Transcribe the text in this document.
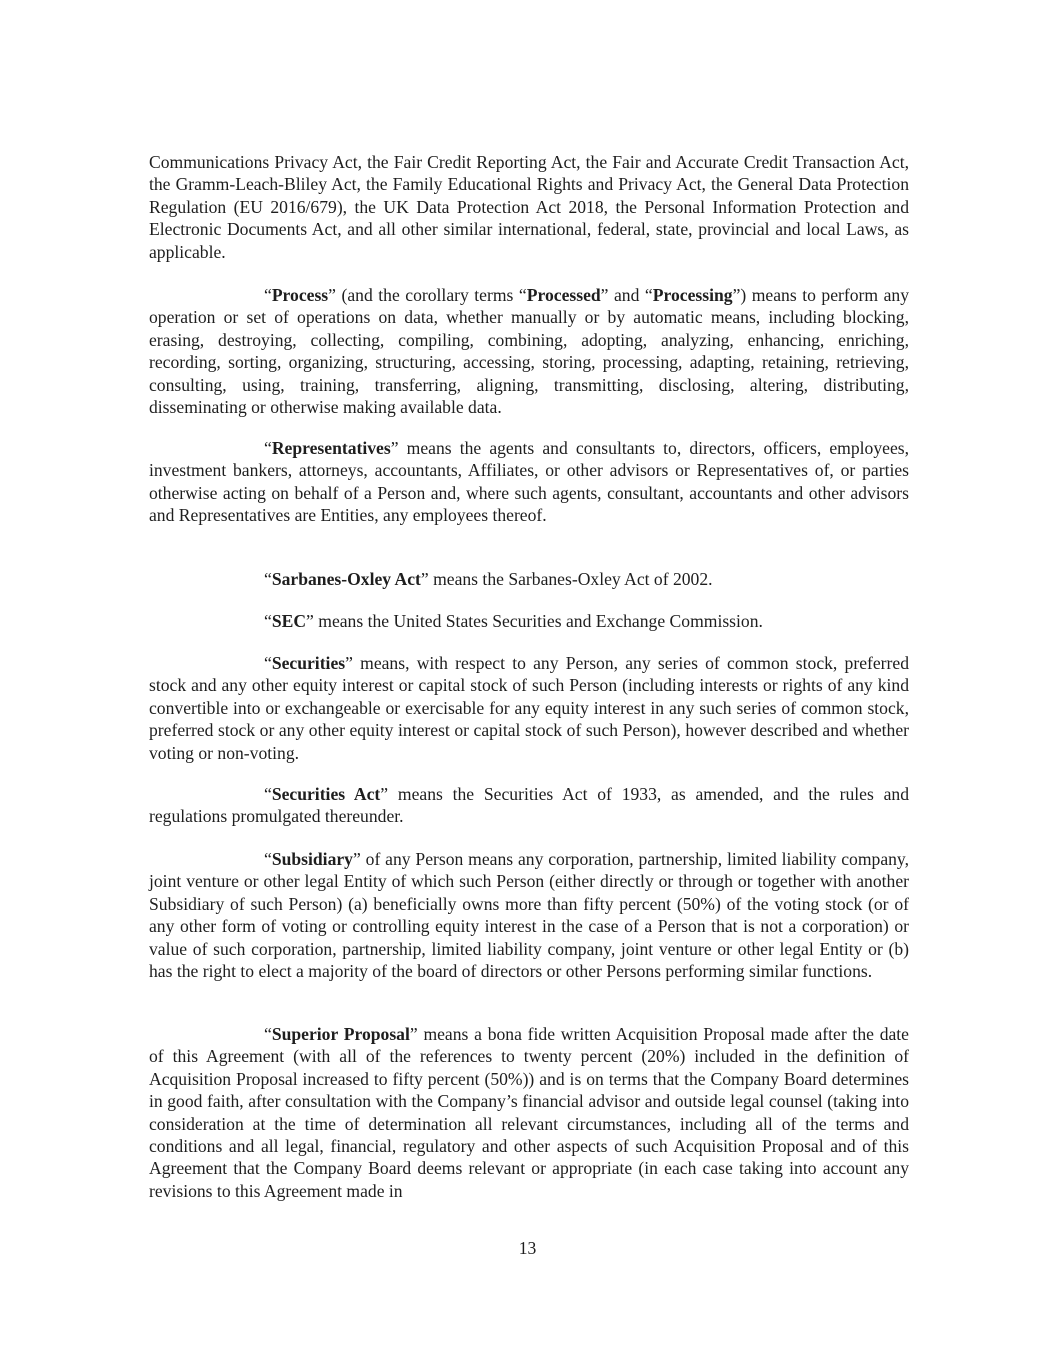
Communications Privacy Act, the Fair Credit Reporting Act, the Fair and Accurate Credit Transaction Act, the Gramm-Leach-Bliley Act, the Family Educational Rights and Privacy Act, the General Data Protection Regulation (EU 2016/679), the UK Data Protection Act 2018, the Personal Information Protection and Electronic Documents Act, and all other similar international, federal, state, provincial and local Laws, as applicable.

“Process” (and the corollary terms “Processed” and “Processing”) means to perform any operation or set of operations on data, whether manually or by automatic means, including blocking, erasing, destroying, collecting, compiling, combining, adopting, analyzing, enhancing, enriching, recording, sorting, organizing, structuring, accessing, storing, processing, adapting, retaining, retrieving, consulting, using, training, transferring, aligning, transmitting, disclosing, altering, distributing, disseminating or otherwise making available data.

“Representatives” means the agents and consultants to, directors, officers, employees, investment bankers, attorneys, accountants, Affiliates, or other advisors or Representatives of, or parties otherwise acting on behalf of a Person and, where such agents, consultant, accountants and other advisors and Representatives are Entities, any employees thereof.

“Sarbanes-Oxley Act” means the Sarbanes-Oxley Act of 2002.

“SEC” means the United States Securities and Exchange Commission.

“Securities” means, with respect to any Person, any series of common stock, preferred stock and any other equity interest or capital stock of such Person (including interests or rights of any kind convertible into or exchangeable or exercisable for any equity interest in any such series of common stock, preferred stock or any other equity interest or capital stock of such Person), however described and whether voting or non-voting.

“Securities Act” means the Securities Act of 1933, as amended, and the rules and regulations promulgated thereunder.

“Subsidiary” of any Person means any corporation, partnership, limited liability company, joint venture or other legal Entity of which such Person (either directly or through or together with another Subsidiary of such Person) (a) beneficially owns more than fifty percent (50%) of the voting stock (or of any other form of voting or controlling equity interest in the case of a Person that is not a corporation) or value of such corporation, partnership, limited liability company, joint venture or other legal Entity or (b) has the right to elect a majority of the board of directors or other Persons performing similar functions.

“Superior Proposal” means a bona fide written Acquisition Proposal made after the date of this Agreement (with all of the references to twenty percent (20%) included in the definition of Acquisition Proposal increased to fifty percent (50%)) and is on terms that the Company Board determines in good faith, after consultation with the Company’s financial advisor and outside legal counsel (taking into consideration at the time of determination all relevant circumstances, including all of the terms and conditions and all legal, financial, regulatory and other aspects of such Acquisition Proposal and of this Agreement that the Company Board deems relevant or appropriate (in each case taking into account any revisions to this Agreement made in

13
